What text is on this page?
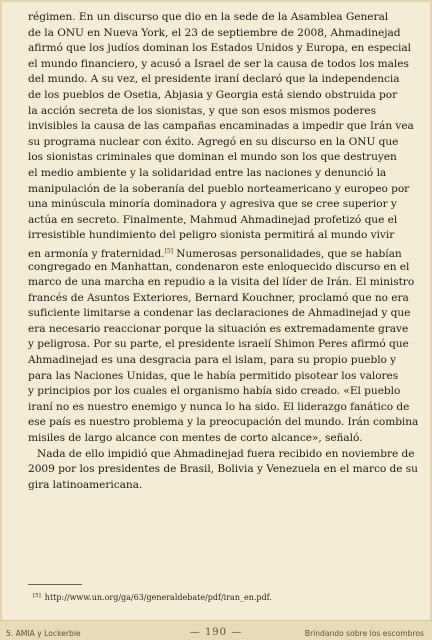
régimen. En un discurso que dio en la sede de la Asamblea General
de la ONU en Nueva York, el 23 de septiembre de 2008, Ahmadinejad
afirmó que los judíos dominan los Estados Unidos y Europa, en especial
el mundo financiero, y acusó a Israel de ser la causa de todos los males
del mundo. A su vez, el presidente iraní declaró que la independencia
de los pueblos de Osetia, Abjasia y Georgia está siendo obstruida por
la acción secreta de los sionistas, y que son esos mismos poderes
invisibles la causa de las campañas encaminadas a impedir que Irán vea
su programa nuclear con éxito. Agregó en su discurso en la ONU que
los sionistas criminales que dominan el mundo son los que destruyen
el medio ambiente y la solidaridad entre las naciones y denunció la
manipulación de la soberanía del pueblo norteamericano y europeo por
una minúscula minoría dominadora y agresiva que se cree superior y
actúa en secreto. Finalmente, Mahmud Ahmadinejad profetizó que el
irresistible hundimiento del peligro sionista permitirá al mundo vivir
en armonía y fraternidad.[5] Numerosas personalidades, que se habían
congregado en Manhattan, condenaron este enloquecido discurso en el
marco de una marcha en repudio a la visita del líder de Irán. El ministro
francés de Asuntos Exteriores, Bernard Kouchner, proclamó que no era
suficiente limitarse a condenar las declaraciones de Ahmadinejad y que
era necesario reaccionar porque la situación es extremadamente grave
y peligrosa. Por su parte, el presidente israelí Shimon Peres afirmó que
Ahmadinejad es una desgracia para el islam, para su propio pueblo y
para las Naciones Unidas, que le había permitido pisotear los valores
y principios por los cuales el organismo había sido creado. «El pueblo
iraní no es nuestro enemigo y nunca lo ha sido. El liderazgo fanático de
ese país es nuestro problema y la preocupación del mundo. Irán combina
misiles de largo alcance con mentes de corto alcance», señaló.
Nada de ello impidió que Ahmadinejad fuera recibido en noviembre de
2009 por los presidentes de Brasil, Bolivia y Venezuela en el marco de su
gira latinoamericana.
[5] http://www.un.org/ga/63/generaldebate/pdf/iran_en.pdf.
5. AMIA y Lockerbie	— 190 —	Brindando sobre los escombros
